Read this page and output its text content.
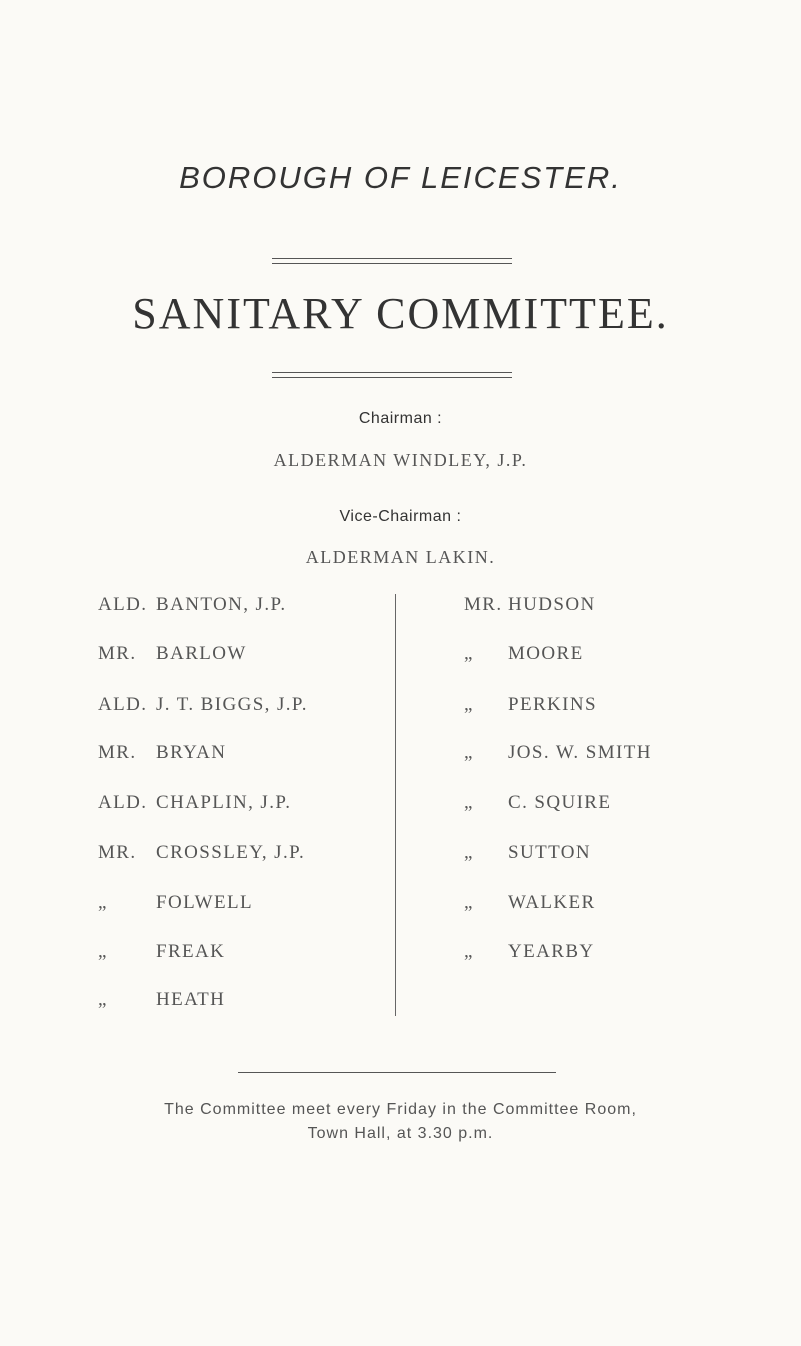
BOROUGH OF LEICESTER.
SANITARY COMMITTEE.
Chairman :
ALDERMAN WINDLEY, J.P.
Vice-Chairman :
ALDERMAN LAKIN.
ALD. BANTON, J.P.
MR. BARLOW
ALD. J. T. BIGGS, J.P.
MR. BRYAN
ALD. CHAPLIN, J.P.
MR. CROSSLEY, J.P.
„	FOLWELL
„	FREAK
„	HEATH
MR. HUDSON
„ MOORE
„ PERKINS
„ JOS. W. SMITH
„ C. SQUIRE
„ SUTTON
„ WALKER
„ YEARBY
The Committee meet every Friday in the Committee Room,
Town Hall, at 3.30 p.m.
